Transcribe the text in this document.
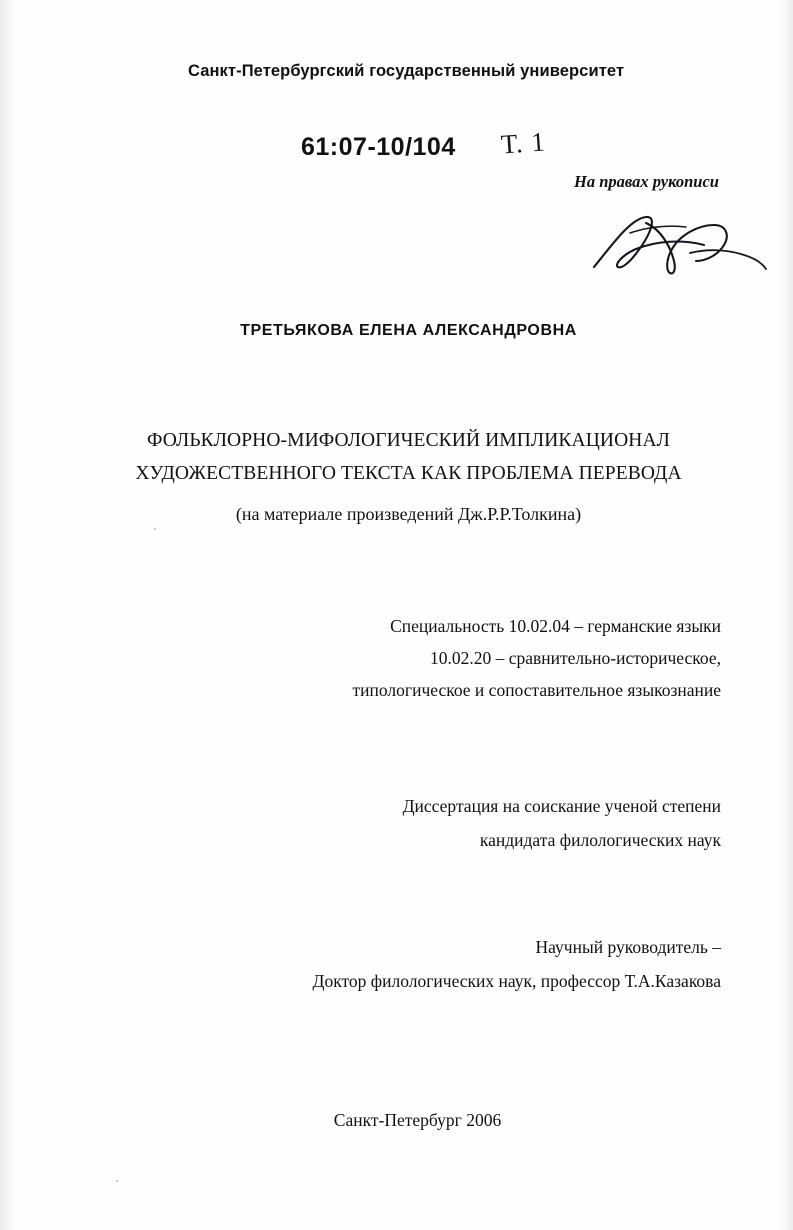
Санкт-Петербургский государственный университет
61:07-10/104 Т. 1
На правах рукописи
ТРЕТЬЯКОВА ЕЛЕНА АЛЕКСАНДРОВНА
ФОЛЬКЛОРНО-МИФОЛОГИЧЕСКИЙ ИМПЛИКАЦИОНАЛ
ХУДОЖЕСТВЕННОГО ТЕКСТА КАК ПРОБЛЕМА ПЕРЕВОДА
(на материале произведений Дж.Р.Р.Толкина)
Специальность 10.02.04 – германские языки
10.02.20 – сравнительно-историческое,
типологическое и сопоставительное языкознание
Диссертация на соискание ученой степени
кандидата филологических наук
Научный руководитель –
Доктор филологических наук, профессор Т.А.Казакова
Санкт-Петербург 2006
